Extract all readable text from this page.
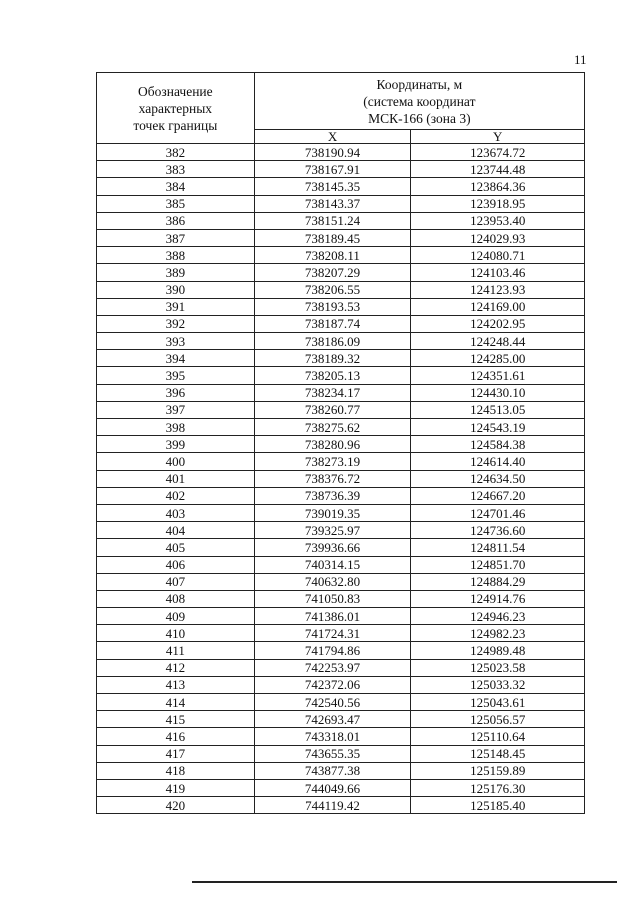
11
Обозначение
характерных
точек границы	Координаты, м
(система координат
МСК-166 (зона 3)	

	X	Y
382	738190.94	123674.72
383	738167.91	123744.48
384	738145.35	123864.36
385	738143.37	123918.95
386	738151.24	123953.40
387	738189.45	124029.93
388	738208.11	124080.71
389	738207.29	124103.46
390	738206.55	124123.93
391	738193.53	124169.00
392	738187.74	124202.95
393	738186.09	124248.44
394	738189.32	124285.00
395	738205.13	124351.61
396	738234.17	124430.10
397	738260.77	124513.05
398	738275.62	124543.19
399	738280.96	124584.38
400	738273.19	124614.40
401	738376.72	124634.50
402	738736.39	124667.20
403	739019.35	124701.46
404	739325.97	124736.60
405	739936.66	124811.54
406	740314.15	124851.70
407	740632.80	124884.29
408	741050.83	124914.76
409	741386.01	124946.23
410	741724.31	124982.23
411	741794.86	124989.48
412	742253.97	125023.58
413	742372.06	125033.32
414	742540.56	125043.61
415	742693.47	125056.57
416	743318.01	125110.64
417	743655.35	125148.45
418	743877.38	125159.89
419	744049.66	125176.30
420	744119.42	125185.40
